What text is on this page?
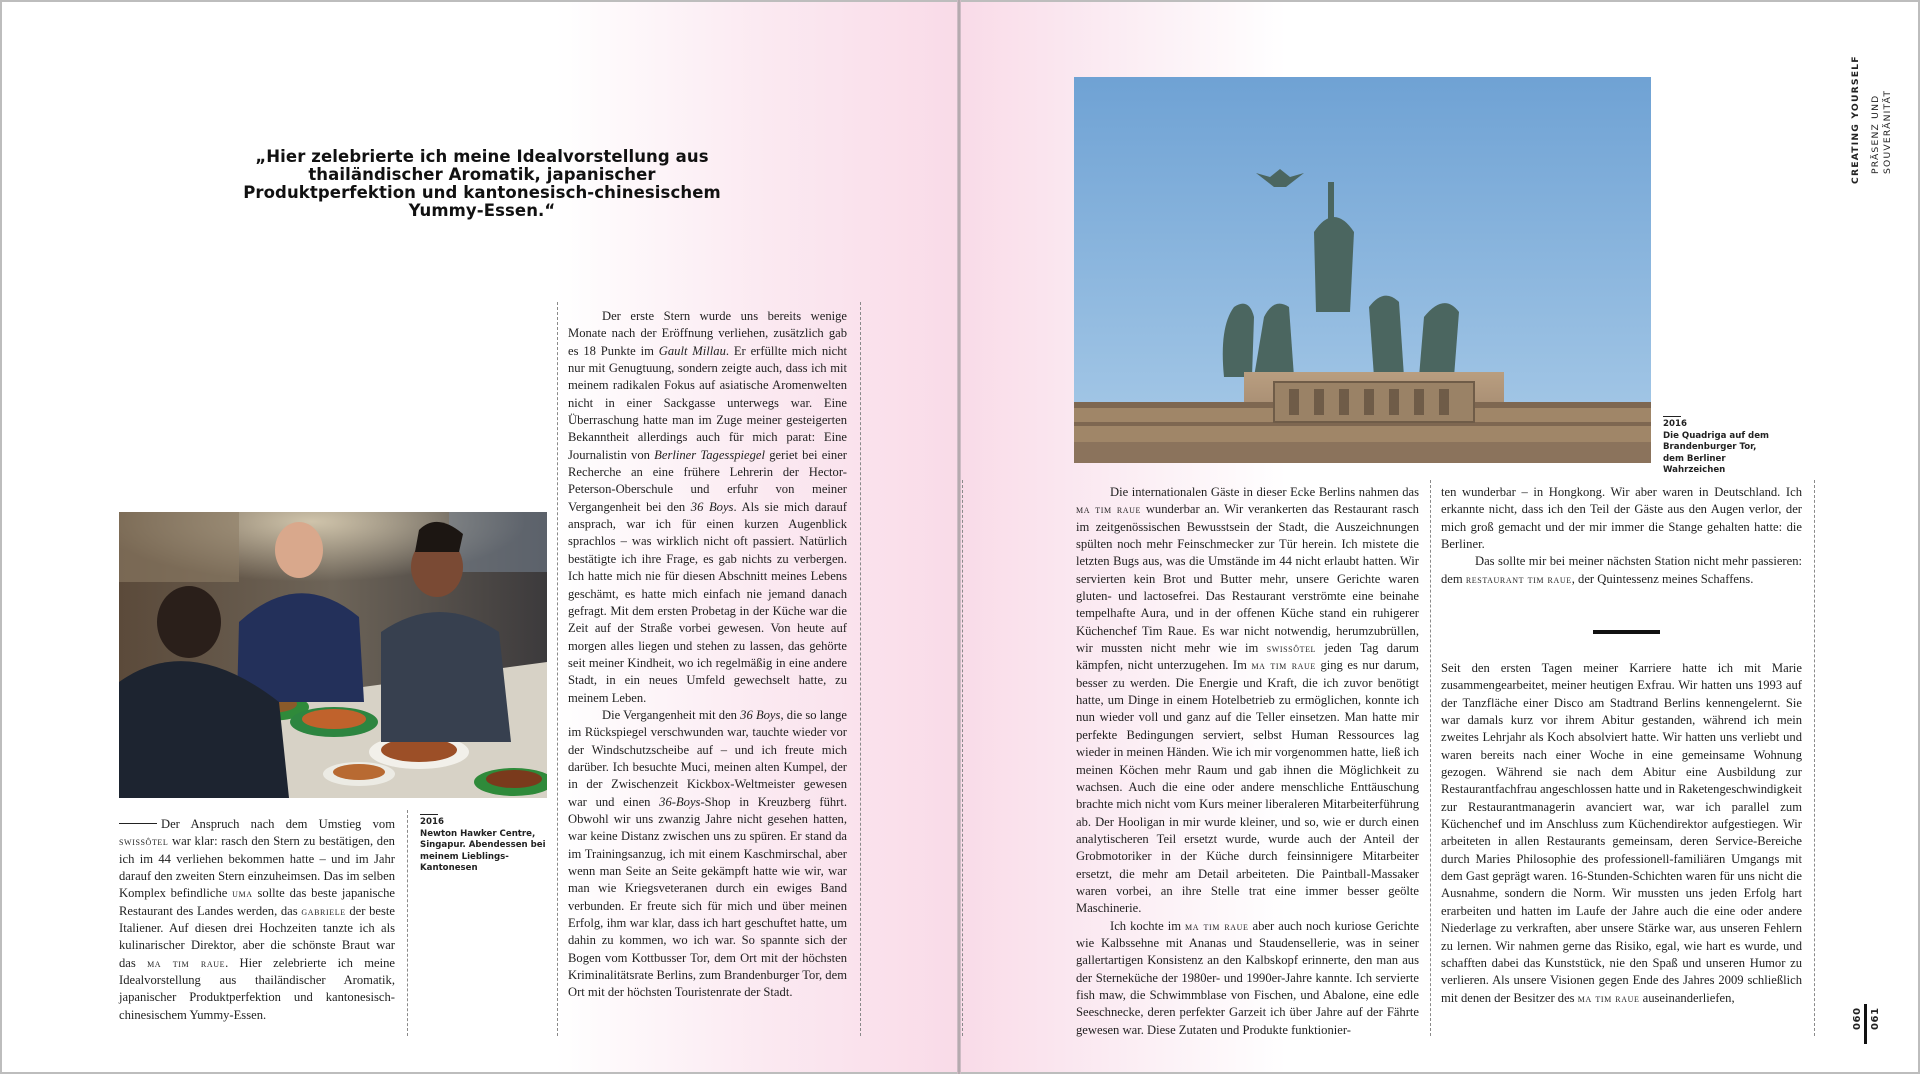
„Hier zelebrierte ich meine Idealvorstellung aus thailändischer Aromatik, japanischer Produktperfektion und kantonesisch-chinesischem Yummy-Essen.“
2016
Newton Hawker Centre, Singapur. Abendessen bei meinem Lieblings-Kantonesen

Der Anspruch nach dem Umstieg vom swissôtel war klar: rasch den Stern zu bestätigen, den ich im 44 verliehen bekommen hatte – und im Jahr darauf den zweiten Stern einzuheimsen. Das im selben Komplex befindliche uma sollte das beste japanische Restaurant des Landes werden, das gabriele der beste Italiener. Auf diesen drei Hochzeiten tanzte ich als kulinarischer Direktor, aber die schönste Braut war das ma tim raue. Hier zelebrierte ich meine Idealvorstellung aus thailändischer Aromatik, japanischer Produktperfektion und kantonesisch-chinesischem Yummy-Essen.

Der erste Stern wurde uns bereits wenige Monate nach der Eröffnung verliehen, zusätzlich gab es 18 Punkte im Gault Millau. Er erfüllte mich nicht nur mit Genugtuung, sondern zeigte auch, dass ich mit meinem radikalen Fokus auf asiatische Aromenwelten nicht in einer Sackgasse unterwegs war. Eine Überraschung hatte man im Zuge meiner gesteigerten Bekanntheit allerdings auch für mich parat: Eine Journalistin von Berliner Tagesspiegel geriet bei einer Recherche an eine frühere Lehrerin der Hector-Peterson-Oberschule und erfuhr von meiner Vergangenheit bei den 36 Boys. Als sie mich darauf ansprach, war ich für einen kurzen Augenblick sprachlos – was wirklich nicht oft passiert. Natürlich bestätigte ich ihre Frage, es gab nichts zu verbergen. Ich hatte mich nie für diesen Abschnitt meines Lebens geschämt, es hatte mich einfach nie jemand danach gefragt. Mit dem ersten Probetag in der Küche war die Zeit auf der Straße vorbei gewesen. Von heute auf morgen alles liegen und stehen zu lassen, das gehörte seit meiner Kindheit, wo ich regelmäßig in eine andere Stadt, in ein neues Umfeld gewechselt hatte, zu meinem Leben.

Die Vergangenheit mit den 36 Boys, die so lange im Rückspiegel verschwunden war, tauchte wieder vor der Windschutzscheibe auf – und ich freute mich darüber. Ich besuchte Muci, meinen alten Kumpel, der in der Zwischenzeit Kickbox-Weltmeister gewesen war und einen 36-Boys-Shop in Kreuzberg führt. Obwohl wir uns zwanzig Jahre nicht gesehen hatten, war keine Distanz zwischen uns zu spüren. Er stand da im Trainingsanzug, ich mit einem Kaschmirschal, aber wenn man Seite an Seite gekämpft hatte wie wir, war man wie Kriegsveteranen durch ein ewiges Band verbunden. Er freute sich für mich und über meinen Erfolg, ihm war klar, dass ich hart geschuftet hatte, um dahin zu kommen, wo ich war. So spannte sich der Bogen vom Kottbusser Tor, dem Ort mit der höchsten Kriminalitätsrate Berlins, zum Brandenburger Tor, dem Ort mit der höchsten Touristenrate der Stadt.

2016
Die Quadriga auf dem Brandenburger Tor, dem Berliner Wahrzeichen

Die internationalen Gäste in dieser Ecke Berlins nahmen das ma tim raue wunderbar an. Wir verankerten das Restaurant rasch im zeitgenössischen Bewusstsein der Stadt, die Auszeichnungen spülten noch mehr Feinschmecker zur Tür herein. Ich mistete die letzten Bugs aus, was die Umstände im 44 nicht erlaubt hatten. Wir servierten kein Brot und Butter mehr, unsere Gerichte waren gluten- und lactosefrei. Das Restaurant verströmte eine beinahe tempelhafte Aura, und in der offenen Küche stand ein ruhigerer Küchenchef Tim Raue. Es war nicht notwendig, herumzubrüllen, wir mussten nicht mehr wie im swissôtel jeden Tag darum kämpfen, nicht unterzugehen. Im ma tim raue ging es nur darum, besser zu werden. Die Energie und Kraft, die ich zuvor benötigt hatte, um Dinge in einem Hotelbetrieb zu ermöglichen, konnte ich nun wieder voll und ganz auf die Teller einsetzen. Man hatte mir perfekte Bedingungen serviert, selbst Human Ressources lag wieder in meinen Händen. Wie ich mir vorgenommen hatte, ließ ich meinen Köchen mehr Raum und gab ihnen die Möglichkeit zu wachsen. Auch die eine oder andere menschliche Enttäuschung brachte mich nicht vom Kurs meiner liberaleren Mitarbeiterführung ab. Der Hooligan in mir wurde kleiner, und so, wie er durch einen analytischeren Teil ersetzt wurde, wurde auch der Anteil der Grobmotoriker in der Küche durch feinsinnigere Mitarbeiter ersetzt, die mehr am Detail arbeiteten. Die Paintball-Massaker waren vorbei, an ihre Stelle trat eine immer besser geölte Maschinerie.

Ich kochte im ma tim raue aber auch noch kuriose Gerichte wie Kalbssehne mit Ananas und Staudensellerie, was in seiner gallertartigen Konsistenz an den Kalbskopf erinnerte, den man aus der Sterneküche der 1980er- und 1990er-Jahre kannte. Ich servierte fish maw, die Schwimmblase von Fischen, und Abalone, eine edle Seeschnecke, deren perfekter Garzeit ich über Jahre auf der Fährte gewesen war. Diese Zutaten und Produkte funktionier-

ten wunderbar – in Hongkong. Wir aber waren in Deutschland. Ich erkannte nicht, dass ich den Teil der Gäste aus den Augen verlor, der mich groß gemacht und der mir immer die Stange gehalten hatte: die Berliner.

Das sollte mir bei meiner nächsten Station nicht mehr passieren: dem restaurant tim raue, der Quintessenz meines Schaffens.

Seit den ersten Tagen meiner Karriere hatte ich mit Marie zusammengearbeitet, meiner heutigen Exfrau. Wir hatten uns 1993 auf der Tanzfläche einer Disco am Stadtrand Berlins kennengelernt. Sie war damals kurz vor ihrem Abitur gestanden, während ich mein zweites Lehrjahr als Koch absolviert hatte. Wir hatten uns verliebt und waren bereits nach einer Woche in eine gemeinsame Wohnung gezogen. Während sie nach dem Abitur eine Ausbildung zur Restaurantfachfrau angeschlossen hatte und in Raketengeschwindigkeit zur Restaurantmanagerin avanciert war, war ich parallel zum Küchenchef und im Anschluss zum Küchendirektor aufgestiegen. Wir arbeiteten in allen Restaurants gemeinsam, deren Service-Bereiche durch Maries Philosophie des professionell-familiären Umgangs mit dem Gast geprägt waren. 16-Stunden-Schichten waren für uns nicht die Ausnahme, sondern die Norm. Wir mussten uns jeden Erfolg hart erarbeiten und hatten im Laufe der Jahre auch die eine oder andere Niederlage zu verkraften, aber unsere Stärke war, aus unseren Fehlern zu lernen. Wir nahmen gerne das Risiko, egal, wie hart es wurde, und schafften dabei das Kunststück, nie den Spaß und unseren Humor zu verlieren. Als unsere Visionen gegen Ende des Jahres 2009 schließlich mit denen der Besitzer des ma tim raue auseinanderliefen,

CREATING YOURSELF PRÄSENZ UND SOUVERÄNITÄT
060 061
